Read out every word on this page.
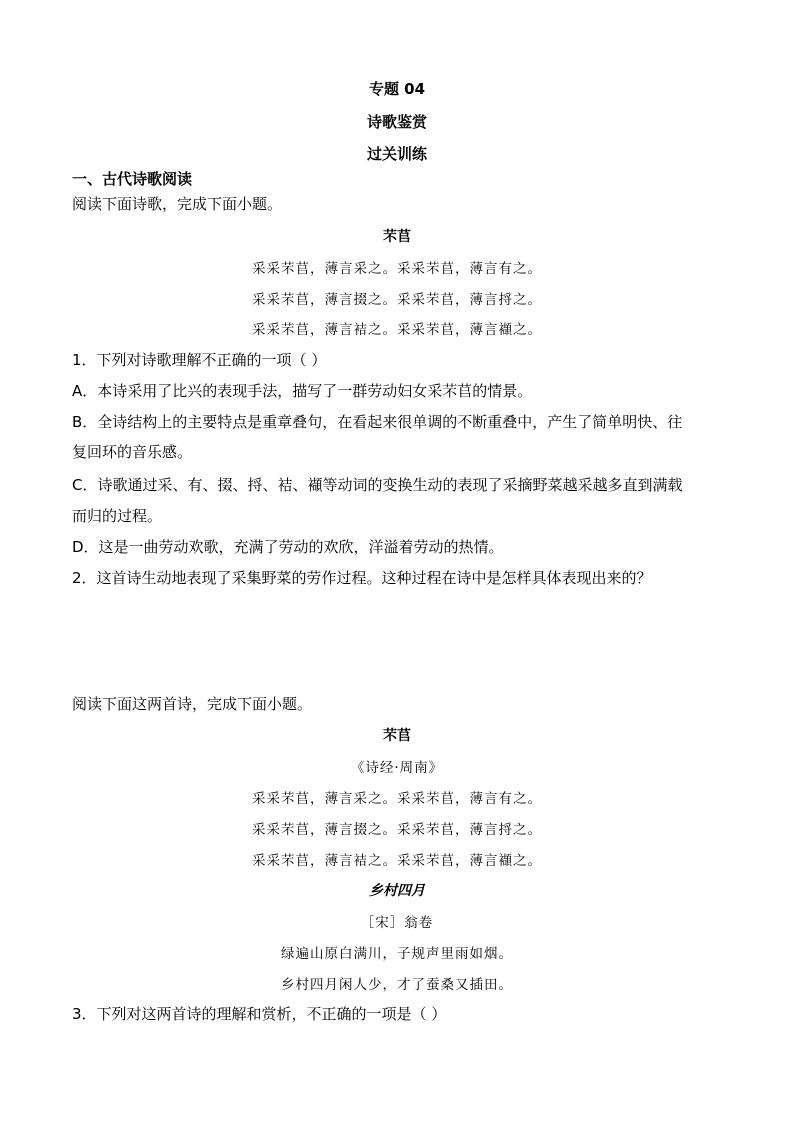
专题 04
诗歌鉴赏
过关训练
一、古代诗歌阅读
阅读下面诗歌，完成下面小题。
芣苢
采采芣苢，薄言采之。采采芣苢，薄言有之。
采采芣苢，薄言掇之。采采芣苢，薄言捋之。
采采芣苢，薄言袺之。采采芣苢，薄言襭之。
1．下列对诗歌理解不正确的一项（ ）
A．本诗采用了比兴的表现手法，描写了一群劳动妇女采芣苢的情景。
B．全诗结构上的主要特点是重章叠句，在看起来很单调的不断重叠中，产生了简单明快、往
复回环的音乐感。
C．诗歌通过采、有、掇、捋、袺、襭等动词的变换生动的表现了采摘野菜越采越多直到满载
而归的过程。
D．这是一曲劳动欢歌，充满了劳动的欢欣，洋溢着劳动的热情。
2．这首诗生动地表现了采集野菜的劳作过程。这种过程在诗中是怎样具体表现出来的？
阅读下面这两首诗，完成下面小题。
芣苢
《诗经·周南》
采采芣苢，薄言采之。采采芣苢，薄言有之。
采采芣苢，薄言掇之。采采芣苢，薄言捋之。
采采芣苢，薄言袺之。采采芣苢，薄言襭之。
乡村四月
［宋］翁卷
绿遍山原白满川，子规声里雨如烟。
乡村四月闲人少，才了蚕桑又插田。
3．下列对这两首诗的理解和赏析，不正确的一项是（ ）
